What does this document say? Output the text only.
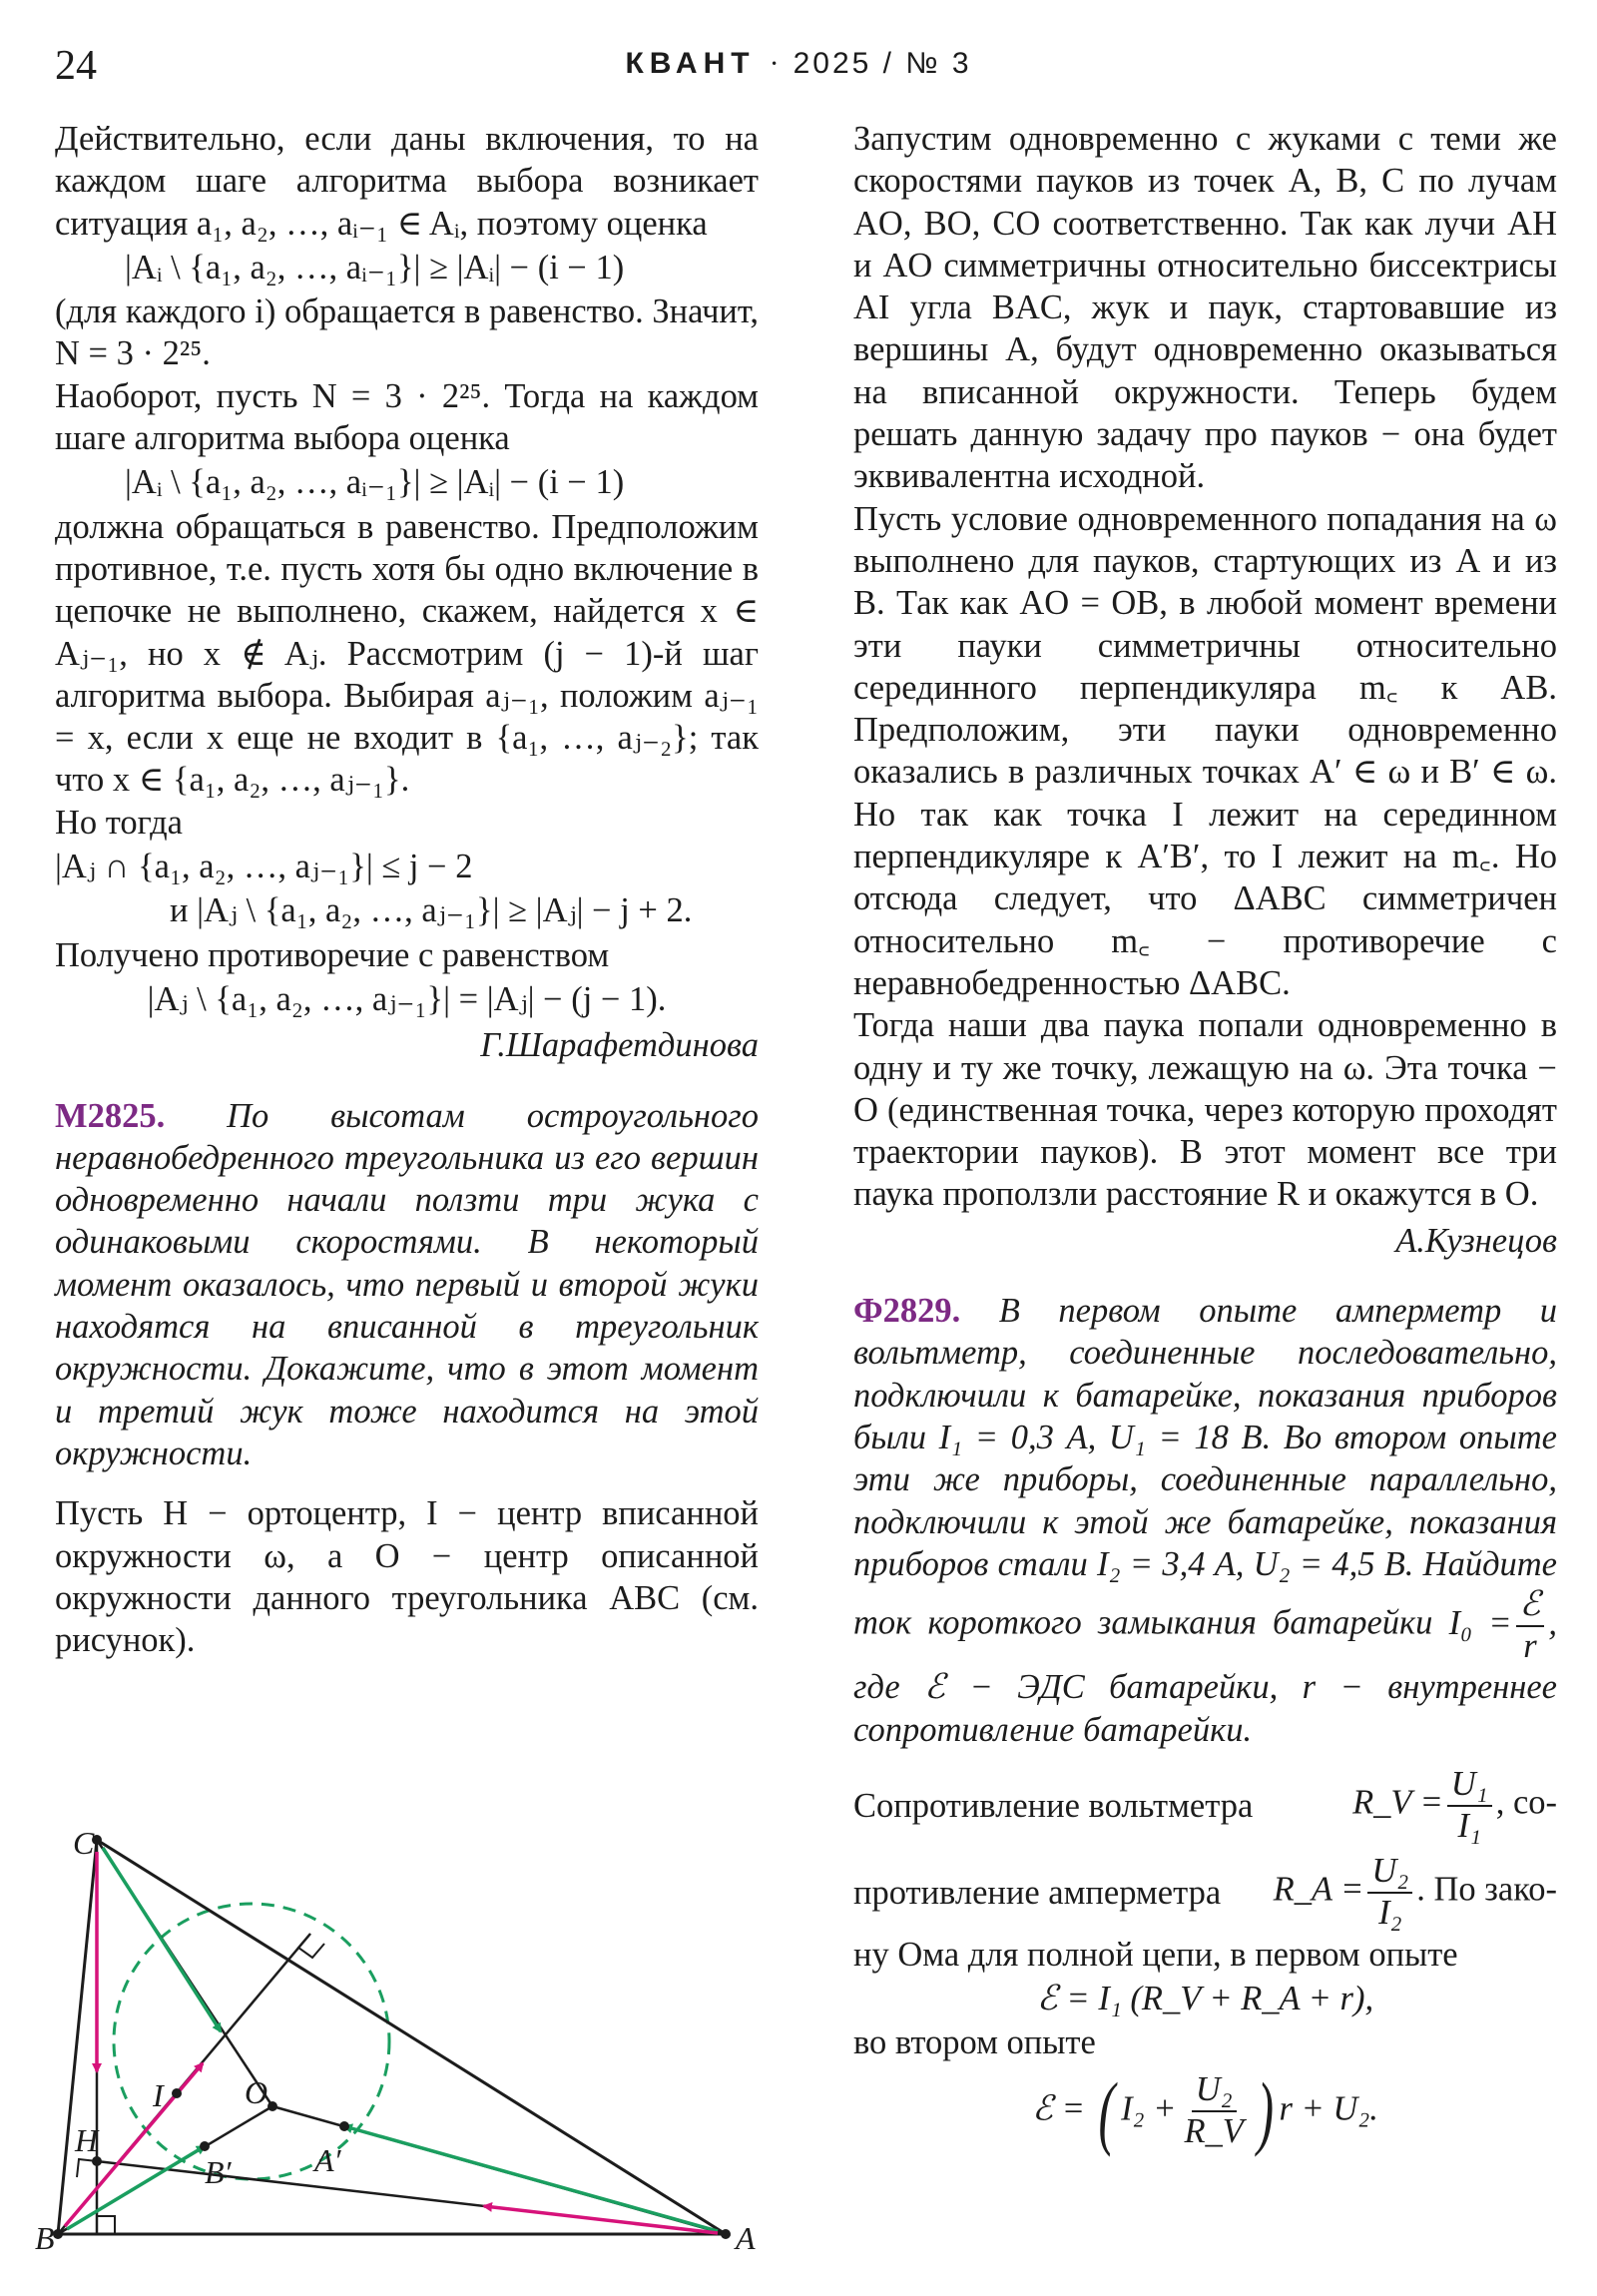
24	КВАНТ · 2025 / № 3

Действительно, если даны включения, то на каждом шаге алгоритма выбора возникает ситуация a₁, a₂, …, aᵢ₋₁ ∈ Aᵢ, поэтому оценка

|Aᵢ \ {a₁, a₂, …, aᵢ₋₁}| ≥ |Aᵢ| − (i − 1)

(для каждого i) обращается в равенство. Значит, N = 3 · 2²⁵.

Наоборот, пусть N = 3 · 2²⁵. Тогда на каждом шаге алгоритма выбора оценка

|Aᵢ \ {a₁, a₂, …, aᵢ₋₁}| ≥ |Aᵢ| − (i − 1)

должна обращаться в равенство. Предположим противное, т.е. пусть хотя бы одно включение в цепочке не выполнено, скажем, найдется x ∈ Aⱼ₋₁, но x ∉ Aⱼ. Рассмотрим (j − 1)-й шаг алгоритма выбора. Выбирая aⱼ₋₁, положим aⱼ₋₁ = x, если x еще не входит в {a₁, …, aⱼ₋₂}; так что x ∈ {a₁, a₂, …, aⱼ₋₁}.

Но тогда

|Aⱼ ∩ {a₁, a₂, …, aⱼ₋₁}| ≤ j − 2
и |Aⱼ \ {a₁, a₂, …, aⱼ₋₁}| ≥ |Aⱼ| − j + 2.

Получено противоречие с равенством

|Aⱼ \ {a₁, a₂, …, aⱼ₋₁}| = |Aⱼ| − (j − 1).
Г.Шарафетдинова

М2825. По высотам остроугольного неравнобедренного треугольника из его вершин одновременно начали ползти три жука с одинаковыми скоростями. В некоторый момент оказалось, что первый и второй жуки находятся на вписанной в треугольник окружности. Докажите, что в этот момент и третий жук тоже находится на этой окружности.

Пусть H − ортоцентр, I − центр вписанной окружности ω, а O − центр описанной окружности данного треугольника ABC (см. рисунок).

C
B	A
H
I	O
B′	A′

Запустим одновременно с жуками с теми же скоростями пауков из точек A, B, C по лучам AO, BO, CO соответственно. Так как лучи AH и AO симметричны относительно биссектрисы AI угла BAC, жук и паук, стартовавшие из вершины A, будут одновременно оказываться на вписанной окружности. Теперь будем решать данную задачу про пауков − она будет эквивалентна исходной.

Пусть условие одновременного попадания на ω выполнено для пауков, стартующих из A и из B. Так как AO = OB, в любой момент времени эти пауки симметричны относительно серединного перпендикуляра m꜀ к AB. Предположим, эти пауки одновременно оказались в различных точках A′ ∈ ω и B′ ∈ ω. Но так как точка I лежит на серединном перпендикуляре к A′B′, то I лежит на m꜀. Но отсюда следует, что ΔABC симметричен относительно m꜀ − противоречие с неравнобедренностью ΔABC.

Тогда наши два паука попали одновременно в одну и ту же точку, лежащую на ω. Эта точка − O (единственная точка, через которую проходят траектории пауков). В этот момент все три паука проползли расстояние R и окажутся в O.

А.Кузнецов

Ф2829. В первом опыте амперметр и вольтметр, соединенные последовательно, подключили к батарейке, показания приборов были I₁ = 0,3 А, U₁ = 18 В. Во втором опыте эти же приборы, соединенные параллельно, подключили к этой же батарейке, показания приборов стали I₂ = 3,4 А, U₂ = 4,5 В. Найдите ток короткого замыкания батарейки $I_0 = \frac{\text{ℰ}}{r}$ , где ℰ − ЭДС батарейки, r − внутреннее сопротивление батарейки.

Сопротивление вольтметра	R_V = $\frac{\text{U₁}}{\text{I₁}}$ , со-
противление амперметра R_A = $\frac{\text{U₂}}{\text{I₂}}$ . По зако-

ну Ома для полной цепи, в первом опыте

ℰ = I₁ (R_V + R_A + r),

во втором опыте

ℰ = ( $I_2 + \frac{\text{U₂}}{R\_V}$ ) r + U₂.
